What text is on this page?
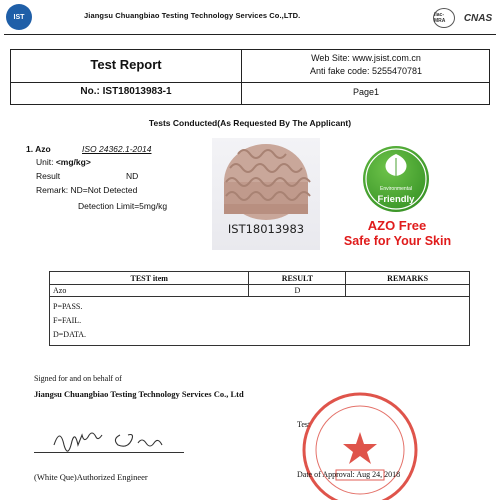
IST	Jiangsu Chuangbiao Testing Technology Services Co.,LTD.	ilac-MRA	CNAS
Test Report	Web Site: www.jsist.com.cn
Anti fake code: 5255470781
No.: IST18013983-1	Page1
Tests Conducted(As Requested By The Applicant)
1. Azo	ISO 24362.1-2014
Unit: <mg/kg>
Result	ND
Remark: ND=Not Detected
Detection Limit=5mg/kg
IST18013983
Environmental
Friendly
AZO Free
Safe for Your Skin
TEST item	RESULT	REMARKS
Azo	D	

P=PASS.
F=FAIL.
D=DATA.		
Signed for and on behalf of
Jiangsu Chuangbiao Testing Technology Services Co., Ltd
(White Que)Authorized Engineer
Test
Date of Approval: Aug 24, 2018
